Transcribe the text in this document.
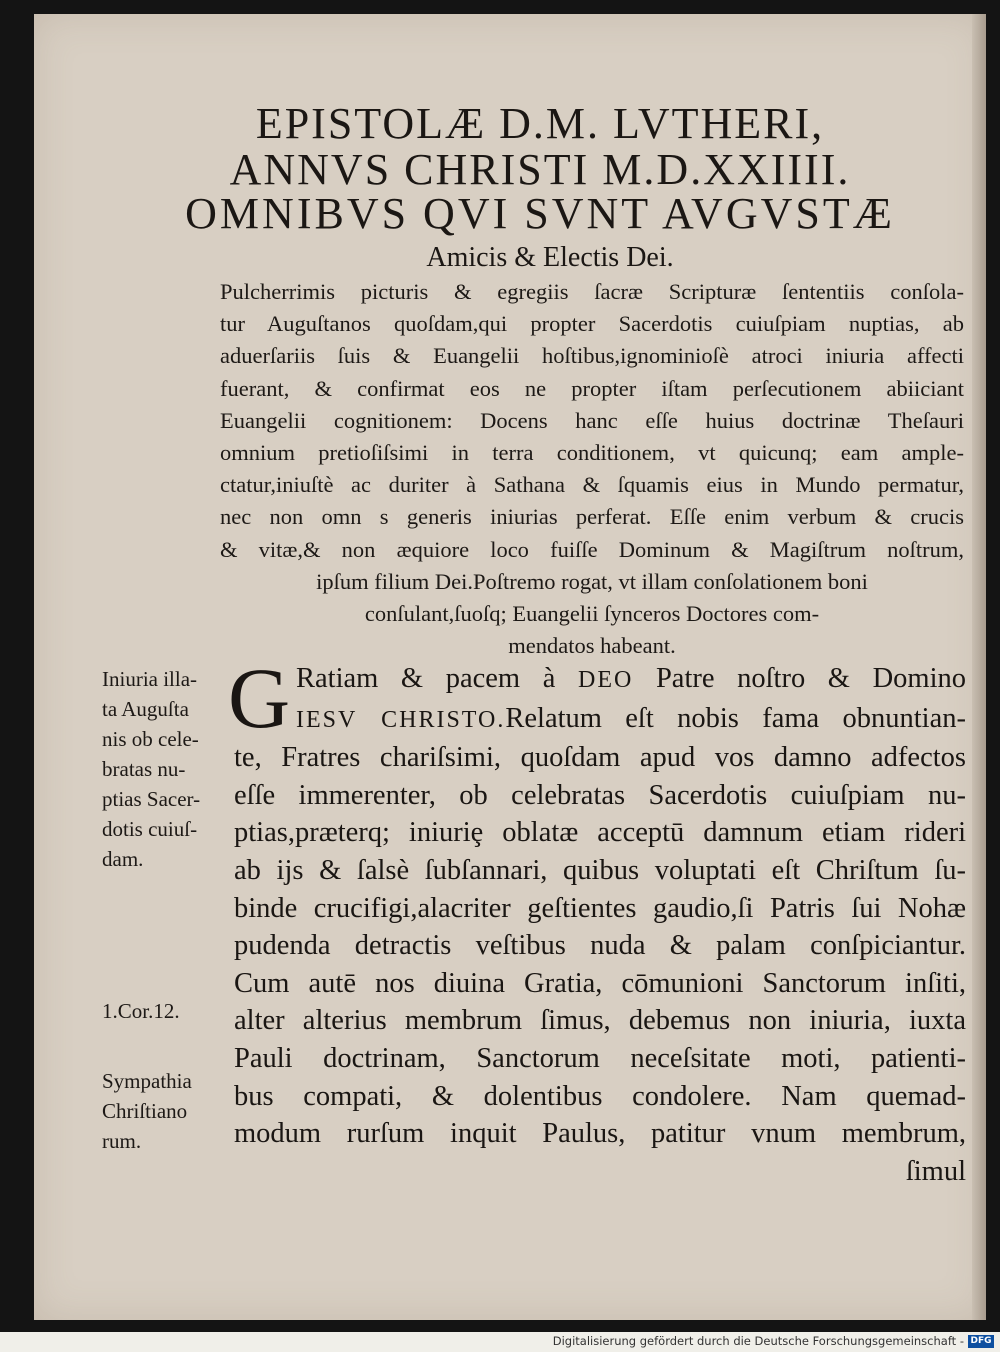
EPISTOLÆ D.M. LVTHERI,
ANNVS CHRISTI M.D.XXIIII.
OMNIBVS QVI SVNT AVGVSTÆ
Amicis & Electis Dei.
Pulcherrimis picturis & egregiis ſacræ Scripturæ ſententiis conſola-
tur Auguſtanos quoſdam,qui propter Sacerdotis cuiuſpiam nuptias, ab
aduerſariis ſuis & Euangelii hoſtibus,ignominioſè atroci iniuria affecti
fuerant, & confirmat eos ne propter iſtam perſecutionem abiiciant
Euangelii cognitionem: Docens hanc eſſe huius doctrinæ Theſauri
omnium pretioſiſsimi in terra conditionem, vt quicunq; eam ample-
ctatur,iniuſtè ac duriter à Sathana & ſquamis eius in Mundo permatur,
nec non omn s generis iniurias perferat. Eſſe enim verbum & crucis
& vitæ,& non æquiore loco fuiſſe Dominum & Magiſtrum noſtrum,
ipſum filium Dei.Poſtremo rogat, vt illam conſolationem boni
conſulant,ſuoſq; Euangelii ſynceros Doctores com-
mendatos habeant.
G Ratiam & pacem à DEO Patre noſtro & Domino
IESV CHRISTO.Relatum eſt nobis fama obnuntian-
te, Fratres chariſsimi, quoſdam apud vos damno adfectos
eſſe immerenter, ob celebratas Sacerdotis cuiuſpiam nu-
ptias,præterq; iniuriȩ oblatæ acceptū damnum etiam rideri
ab ijs & ſalsè ſubſannari, quibus voluptati eſt Chriſtum ſu-
binde crucifigi,alacriter geſtientes gaudio,ſi Patris ſui Nohæ
pudenda detractis veſtibus nuda & palam conſpiciantur.
Cum autē nos diuina Gratia, cōmunioni Sanctorum inſiti,
alter alterius membrum ſimus, debemus non iniuria, iuxta
Pauli doctrinam, Sanctorum neceſsitate moti, patienti-
bus compati, & dolentibus condolere. Nam quemad-
modum rurſum inquit Paulus, patitur vnum membrum,
ſimul
Iniuria illa-
ta Auguſta
nis ob cele-
bratas nu-
ptias Sacer-
dotis cuiuſ-
dam.
1.Cor.12.
Sympathia
Chriſtiano
rum.
Digitalisierung gefördert durch die Deutsche Forschungsgemeinschaft - DFG
